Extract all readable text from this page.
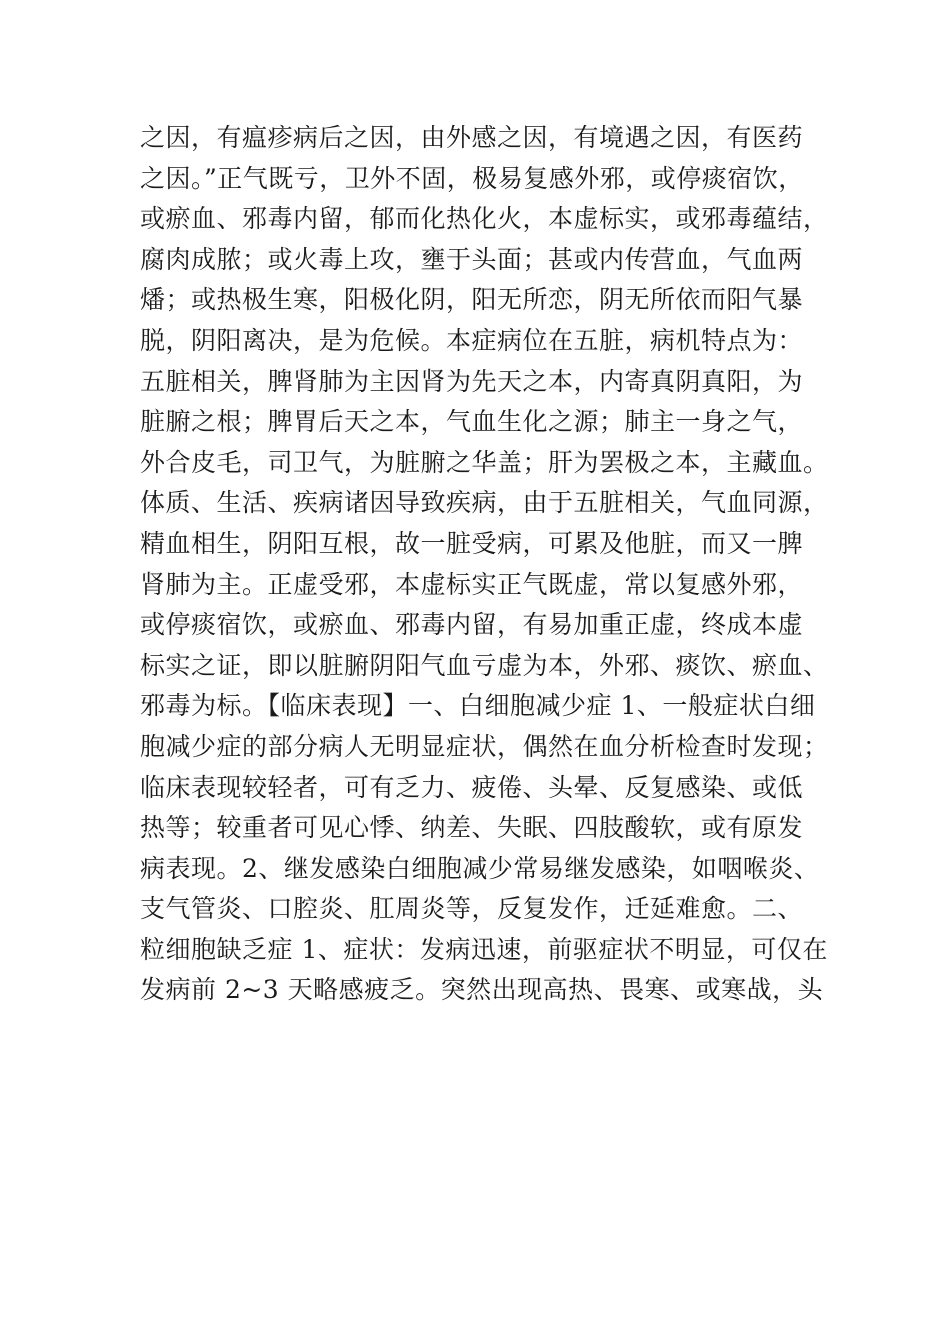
之因，有瘟疹病后之因，由外感之因，有境遇之因，有医药
之因。”正气既亏，卫外不固，极易复感外邪，或停痰宿饮，
或瘀血、邪毒内留，郁而化热化火，本虚标实，或邪毒蕴结，
腐肉成脓；或火毒上攻，壅于头面；甚或内传营血，气血两
燔；或热极生寒，阳极化阴，阳无所恋，阴无所依而阳气暴
脱，阴阳离决，是为危候。本症病位在五脏，病机特点为：
五脏相关，脾肾肺为主因肾为先天之本，内寄真阴真阳，为
脏腑之根；脾胃后天之本，气血生化之源；肺主一身之气，
外合皮毛，司卫气，为脏腑之华盖；肝为罢极之本，主藏血。
体质、生活、疾病诸因导致疾病，由于五脏相关，气血同源，
精血相生，阴阳互根，故一脏受病，可累及他脏，而又一脾
肾肺为主。正虚受邪，本虚标实正气既虚，常以复感外邪，
或停痰宿饮，或瘀血、邪毒内留，有易加重正虚，终成本虚
标实之证，即以脏腑阴阳气血亏虚为本，外邪、痰饮、瘀血、
邪毒为标。【临床表现】一、白细胞减少症 1、一般症状白细
胞减少症的部分病人无明显症状，偶然在血分析检查时发现；
临床表现较轻者，可有乏力、疲倦、头晕、反复感染、或低
热等；较重者可见心悸、纳差、失眠、四肢酸软，或有原发
病表现。2、继发感染白细胞减少常易继发感染，如咽喉炎、
支气管炎、口腔炎、肛周炎等，反复发作，迁延难愈。二、
粒细胞缺乏症 1、症状：发病迅速，前驱症状不明显，可仅在
发病前 2~3 天略感疲乏。突然出现高热、畏寒、或寒战，头
